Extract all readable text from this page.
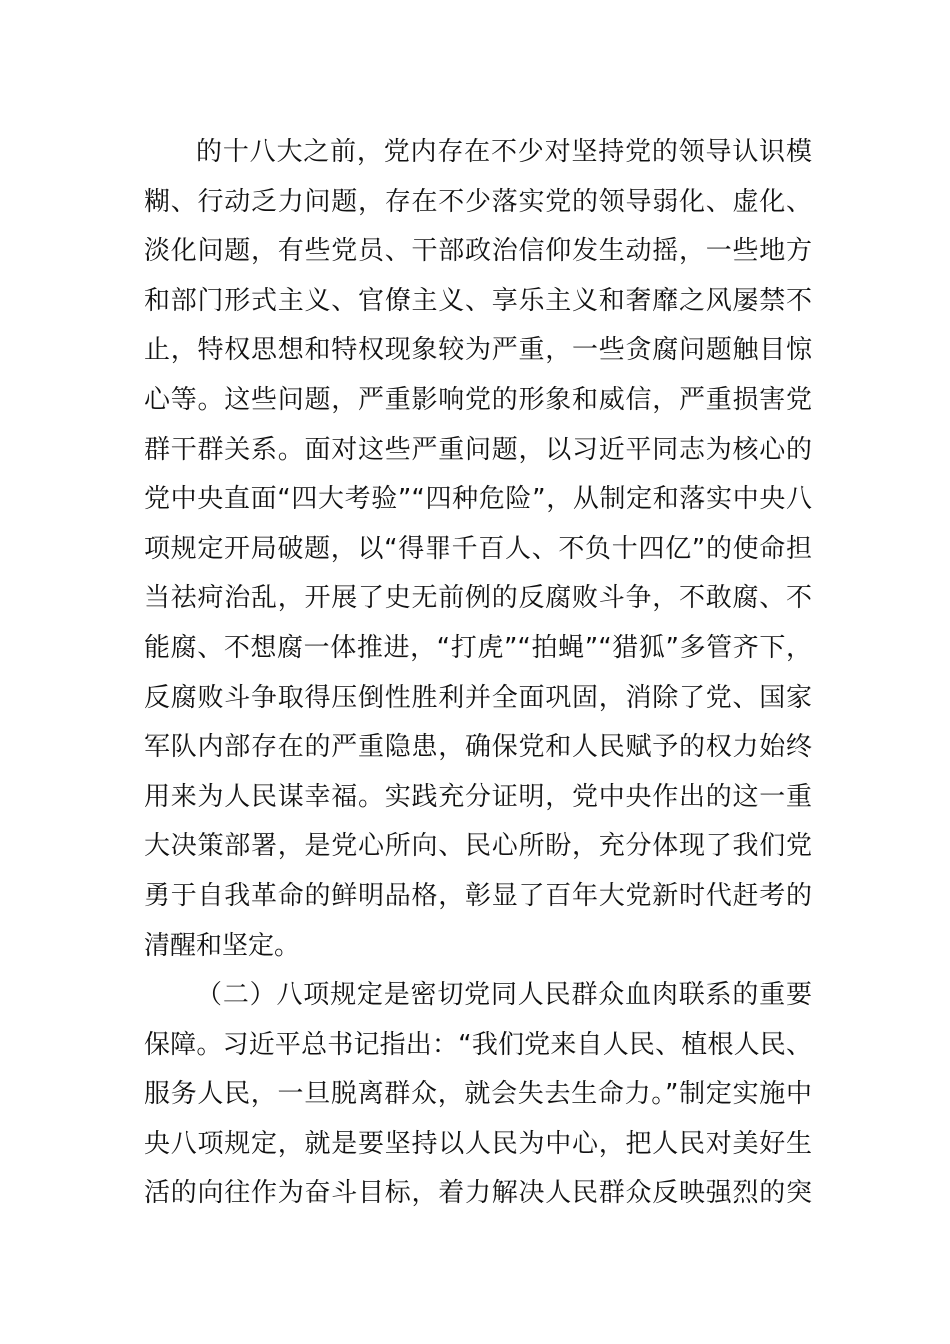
的十八大之前，党内存在不少对坚持党的领导认识模
糊、行动乏力问题，存在不少落实党的领导弱化、虚化、
淡化问题，有些党员、干部政治信仰发生动摇，一些地方
和部门形式主义、官僚主义、享乐主义和奢靡之风屡禁不
止，特权思想和特权现象较为严重，一些贪腐问题触目惊
心等。这些问题，严重影响党的形象和威信，严重损害党
群干群关系。面对这些严重问题，以习近平同志为核心的
党中央直面“四大考验”“四种危险”，从制定和落实中央八
项规定开局破题，以“得罪千百人、不负十四亿”的使命担
当祛疴治乱，开展了史无前例的反腐败斗争，不敢腐、不
能腐、不想腐一体推进，“打虎”“拍蝇”“猎狐”多管齐下，
反腐败斗争取得压倒性胜利并全面巩固，消除了党、国家
军队内部存在的严重隐患，确保党和人民赋予的权力始终
用来为人民谋幸福。实践充分证明，党中央作出的这一重
大决策部署，是党心所向、民心所盼，充分体现了我们党
勇于自我革命的鲜明品格，彰显了百年大党新时代赶考的
清醒和坚定。
（二）八项规定是密切党同人民群众血肉联系的重要
保障。习近平总书记指出：“我们党来自人民、植根人民、
服务人民，一旦脱离群众，就会失去生命力。”制定实施中
央八项规定，就是要坚持以人民为中心，把人民对美好生
活的向往作为奋斗目标，着力解决人民群众反映强烈的突
